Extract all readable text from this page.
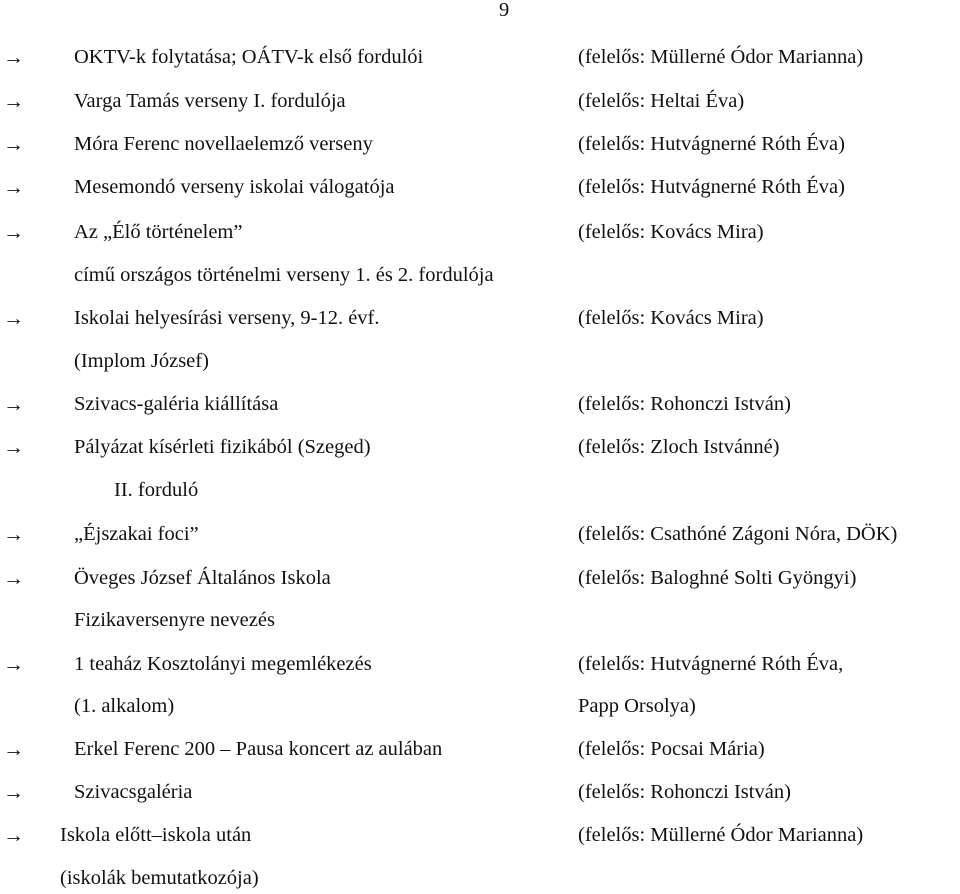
9
→ OKTV-k folytatása; OÁTV-k első fordulói	(felelős: Müllerné Ódor Marianna)
→ Varga Tamás verseny I. fordulója	(felelős: Heltai Éva)
→ Móra Ferenc novellaelemző verseny	(felelős: Hutvágnerné Róth Éva)
→ Mesemondó verseny iskolai válogatója	(felelős: Hutvágnerné Róth Éva)
→ Az „Élő történelem”	(felelős: Kovács Mira)
című országos történelmi verseny 1. és 2. fordulója
→ Iskolai helyesírási verseny, 9-12. évf.	(felelős: Kovács Mira)
(Implom József)
→ Szivacs-galéria kiállítása	(felelős: Rohonczi István)
→ Pályázat kísérleti fizikából (Szeged)	(felelős: Zloch Istvánné)
II. forduló
→ „Éjszakai foci”	(felelős: Csathóné Zágoni Nóra, DÖK)
→ Öveges József Általános Iskola	(felelős: Baloghné Solti Gyöngyi)
Fizikaversenyre nevezés
→ 1 teaház Kosztolányi megemlékezés	(felelős: Hutvágnerné Róth Éva,
(1. alkalom)	Papp Orsolya)
→ Erkel Ferenc 200 – Pausa koncert az aulában	(felelős: Pocsai Mária)
→ Szivacsgaléria	(felelős: Rohonczi István)
→ Iskola előtt–iskola után	(felelős: Müllerné Ódor Marianna)
(iskolák bemutatkozója)
